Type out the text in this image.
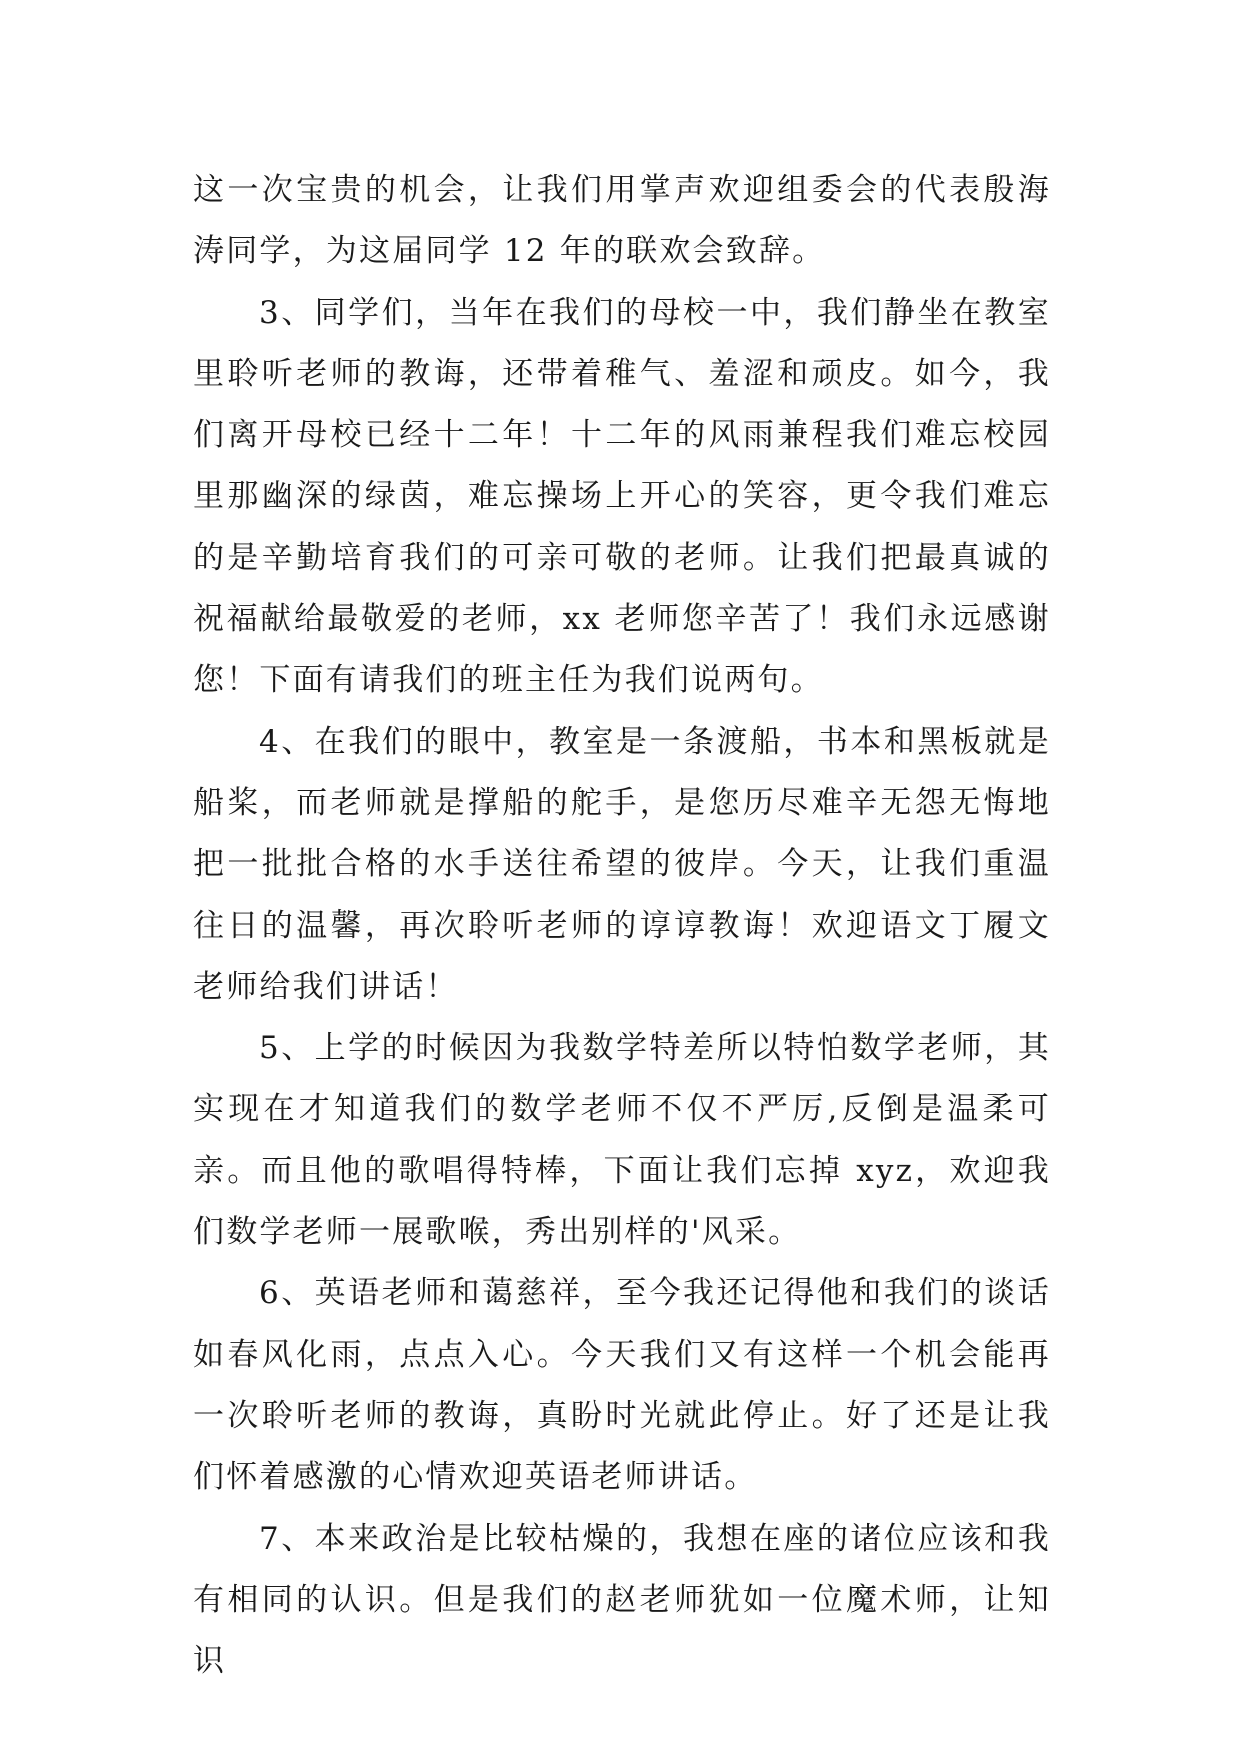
这一次宝贵的机会，让我们用掌声欢迎组委会的代表殷海涛同学，为这届同学 12 年的联欢会致辞。

3、同学们，当年在我们的母校一中，我们静坐在教室里聆听老师的教诲，还带着稚气、羞涩和顽皮。如今，我们离开母校已经十二年！十二年的风雨兼程我们难忘校园里那幽深的绿茵，难忘操场上开心的笑容，更令我们难忘的是辛勤培育我们的可亲可敬的老师。让我们把最真诚的祝福献给最敬爱的老师，xx 老师您辛苦了！我们永远感谢您！下面有请我们的班主任为我们说两句。

4、在我们的眼中，教室是一条渡船，书本和黑板就是船桨，而老师就是撑船的舵手，是您历尽难辛无怨无悔地把一批批合格的水手送往希望的彼岸。今天，让我们重温往日的温馨，再次聆听老师的谆谆教诲！欢迎语文丁履文老师给我们讲话！

5、上学的时候因为我数学特差所以特怕数学老师，其实现在才知道我们的数学老师不仅不严厉,反倒是温柔可亲。而且他的歌唱得特棒，下面让我们忘掉 xyz，欢迎我们数学老师一展歌喉，秀出别样的'风采。

6、英语老师和蔼慈祥，至今我还记得他和我们的谈话如春风化雨，点点入心。今天我们又有这样一个机会能再一次聆听老师的教诲，真盼时光就此停止。好了还是让我们怀着感激的心情欢迎英语老师讲话。

7、本来政治是比较枯燥的，我想在座的诸位应该和我有相同的认识。但是我们的赵老师犹如一位魔术师，让知识
